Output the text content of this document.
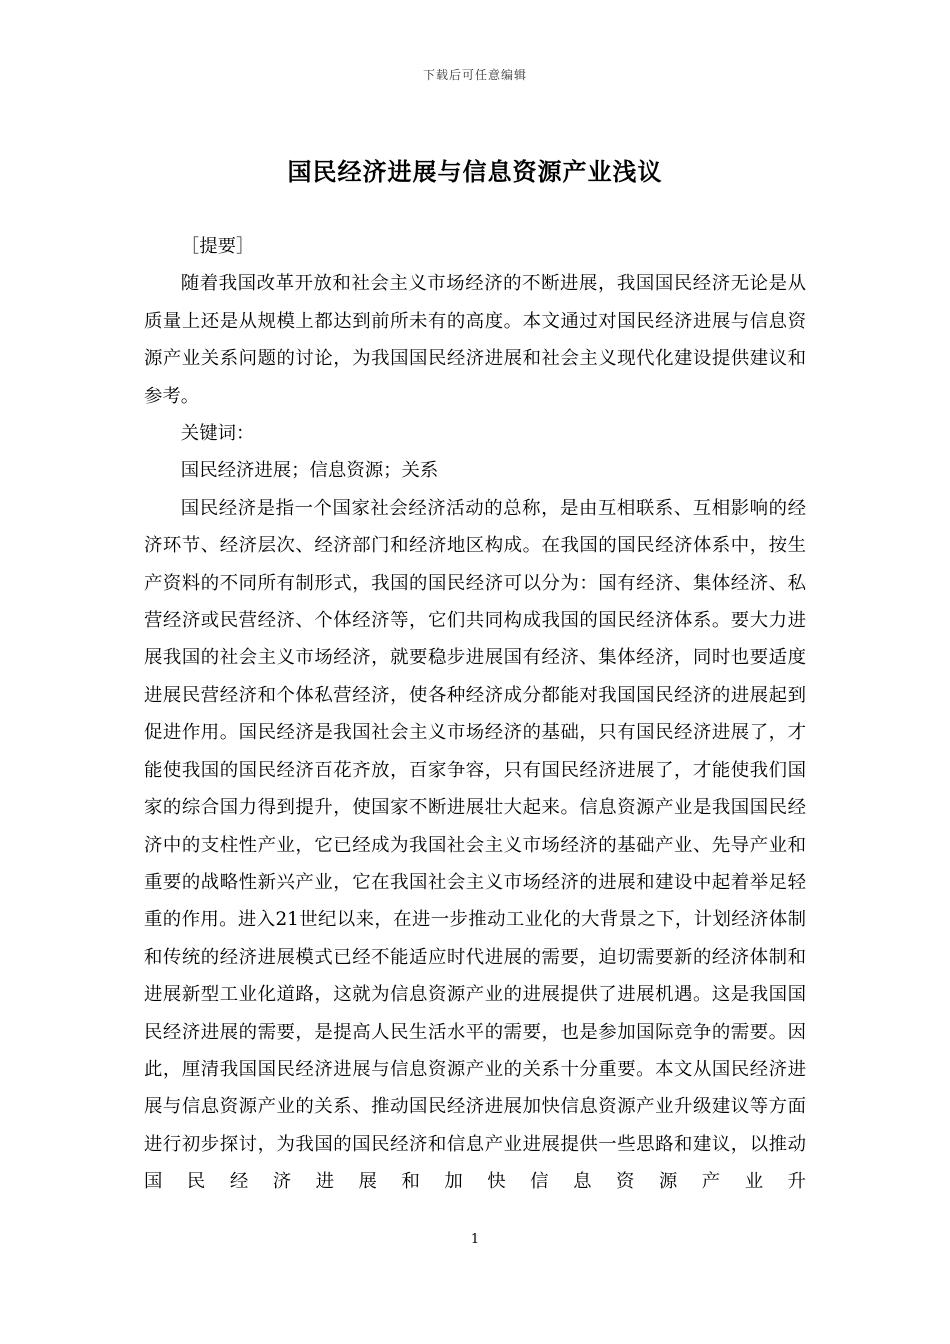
下载后可任意编辑
国民经济进展与信息资源产业浅议

［提要］

随着我国改革开放和社会主义市场经济的不断进展，我国国民经济无论是从质量上还是从规模上都达到前所未有的高度。本文通过对国民经济进展与信息资源产业关系问题的讨论，为我国国民经济进展和社会主义现代化建设提供建议和参考。

关键词：

国民经济进展；信息资源；关系

国民经济是指一个国家社会经济活动的总称，是由互相联系、互相影响的经济环节、经济层次、经济部门和经济地区构成。在我国的国民经济体系中，按生产资料的不同所有制形式，我国的国民经济可以分为：国有经济、集体经济、私营经济或民营经济、个体经济等，它们共同构成我国的国民经济体系。要大力进展我国的社会主义市场经济，就要稳步进展国有经济、集体经济，同时也要适度进展民营经济和个体私营经济，使各种经济成分都能对我国国民经济的进展起到促进作用。国民经济是我国社会主义市场经济的基础，只有国民经济进展了，才能使我国的国民经济百花齐放，百家争容，只有国民经济进展了，才能使我们国家的综合国力得到提升，使国家不断进展壮大起来。信息资源产业是我国国民经济中的支柱性产业，它已经成为我国社会主义市场经济的基础产业、先导产业和重要的战略性新兴产业，它在我国社会主义市场经济的进展和建设中起着举足轻重的作用。进入21世纪以来，在进一步推动工业化的大背景之下，计划经济体制和传统的经济进展模式已经不能适应时代进展的需要，迫切需要新的经济体制和进展新型工业化道路，这就为信息资源产业的进展提供了进展机遇。这是我国国民经济进展的需要，是提高人民生活水平的需要，也是参加国际竞争的需要。因此，厘清我国国民经济进展与信息资源产业的关系十分重要。本文从国民经济进展与信息资源产业的关系、推动国民经济进展加快信息资源产业升级建议等方面进行初步探讨，为我国的国民经济和信息产业进展提供一些思路和建议，以推动国民经济进展和加快信息资源产业升

1
